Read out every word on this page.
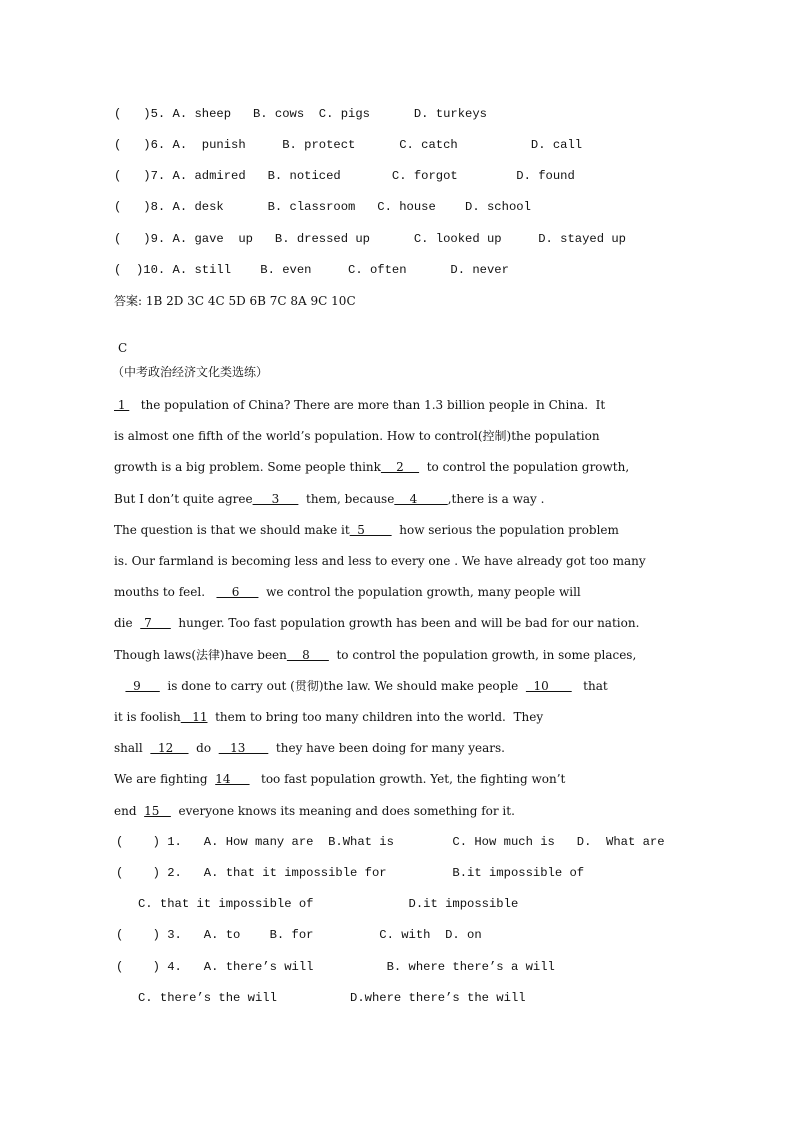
(   )5. A. sheep   B. cows  C. pigs      D. turkeys
(   )6. A.  punish     B. protect      C. catch          D. call
(   )7. A. admired   B. noticed       C. forgot        D. found
(   )8. A. desk      B. classroom   C. house    D. school
(   )9. A. gave  up   B. dressed up      C. looked up     D. stayed up
(  )10. A. still    B. even     C. often      D. never
答案: 1B 2D 3C 4C 5D 6B 7C 8A 9C 10C
C
（中考政治经济文化类选练）
1    the population of China? There are more than 1.3 billion people in China.  It
is almost one fifth of the world’s population. How to control(控制)the population
growth is a big problem. Some people think    2      to control the population growth,
But I don’t quite agree     3       them, because    4        ,there is a way .
The question is that we should make it  5         how serious the population problem
is. Our farmland is becoming less and less to every one . We have already got too many
mouths to feel.       6       we control the population growth, many people will
die   7       hunger. Too fast population growth has been and will be bad for our nation.
Though laws(法律)have been    8       to control the population growth, in some places,
9       is done to carry out (贯彻)the law. We should make people    10         that
it is foolish   11  them to bring too many children into the world.  They
shall    12      do     13        they have been doing for many years.
We are fighting  14        too fast population growth. Yet, the fighting won’t
end  15     everyone knows its meaning and does something for it.
(    ) 1.   A. How many are  B.What is        C. How much is   D.  What are
(    ) 2.   A. that it impossible for         B.it impossible of
C. that it impossible of             D.it impossible
(    ) 3.   A. to    B. for         C. with  D. on
(    ) 4.   A. there’s will          B. where there’s a will
C. there’s the will          D.where there’s the will
